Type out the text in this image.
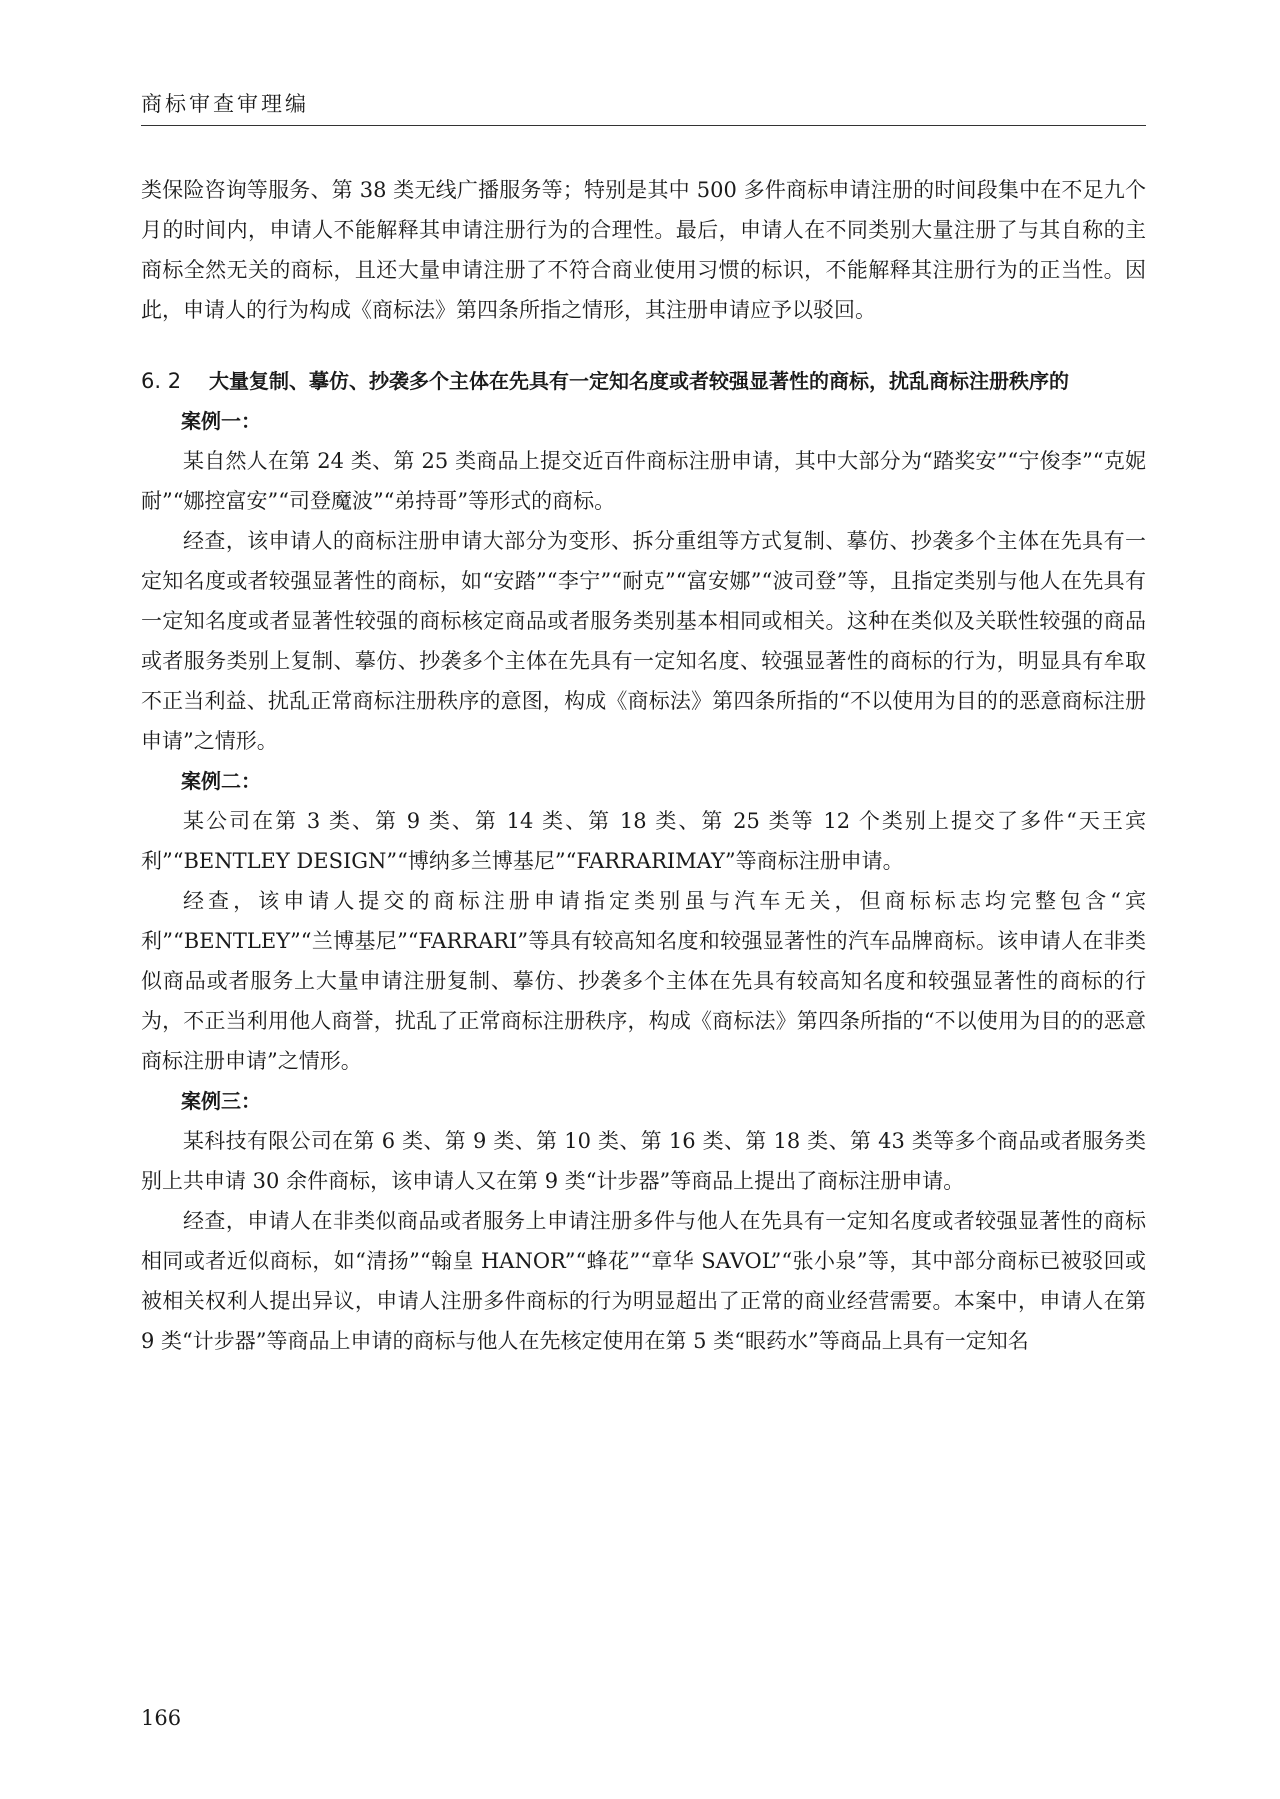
商标审查审理编

类保险咨询等服务、第 38 类无线广播服务等；特别是其中 500 多件商标申请注册的时间段集中在不足九个月的时间内，申请人不能解释其申请注册行为的合理性。最后，申请人在不同类别大量注册了与其自称的主商标全然无关的商标，且还大量申请注册了不符合商业使用习惯的标识，不能解释其注册行为的正当性。因此，申请人的行为构成《商标法》第四条所指之情形，其注册申请应予以驳回。

6. 2	大量复制、摹仿、抄袭多个主体在先具有一定知名度或者较强显著性的商标，扰乱商标注册秩序的

案例一：

某自然人在第 24 类、第 25 类商品上提交近百件商标注册申请，其中大部分为“踏奖安”“宁俊李”“克妮耐”“娜控富安”“司登魔波”“弟持哥”等形式的商标。

经查，该申请人的商标注册申请大部分为变形、拆分重组等方式复制、摹仿、抄袭多个主体在先具有一定知名度或者较强显著性的商标，如“安踏”“李宁”“耐克”“富安娜”“波司登”等，且指定类别与他人在先具有一定知名度或者显著性较强的商标核定商品或者服务类别基本相同或相关。这种在类似及关联性较强的商品或者服务类别上复制、摹仿、抄袭多个主体在先具有一定知名度、较强显著性的商标的行为，明显具有牟取不正当利益、扰乱正常商标注册秩序的意图，构成《商标法》第四条所指的“不以使用为目的的恶意商标注册申请”之情形。

案例二：

某公司在第 3 类、第 9 类、第 14 类、第 18 类、第 25 类等 12 个类别上提交了多件“天王宾利”“BENTLEY DESIGN”“博纳多兰博基尼”“FARRARIMAY”等商标注册申请。

经查，该申请人提交的商标注册申请指定类别虽与汽车无关，但商标标志均完整包含“宾利”“BENTLEY”“兰博基尼”“FARRARI”等具有较高知名度和较强显著性的汽车品牌商标。该申请人在非类似商品或者服务上大量申请注册复制、摹仿、抄袭多个主体在先具有较高知名度和较强显著性的商标的行为，不正当利用他人商誉，扰乱了正常商标注册秩序，构成《商标法》第四条所指的“不以使用为目的的恶意商标注册申请”之情形。

案例三：

某科技有限公司在第 6 类、第 9 类、第 10 类、第 16 类、第 18 类、第 43 类等多个商品或者服务类别上共申请 30 余件商标，该申请人又在第 9 类“计步器”等商品上提出了商标注册申请。

经查，申请人在非类似商品或者服务上申请注册多件与他人在先具有一定知名度或者较强显著性的商标相同或者近似商标，如“清扬”“翰皇 HANOR”“蜂花”“章华 SAVOL”“张小泉”等，其中部分商标已被驳回或被相关权利人提出异议，申请人注册多件商标的行为明显超出了正常的商业经营需要。本案中，申请人在第 9 类“计步器”等商品上申请的商标与他人在先核定使用在第 5 类“眼药水”等商品上具有一定知名

166
